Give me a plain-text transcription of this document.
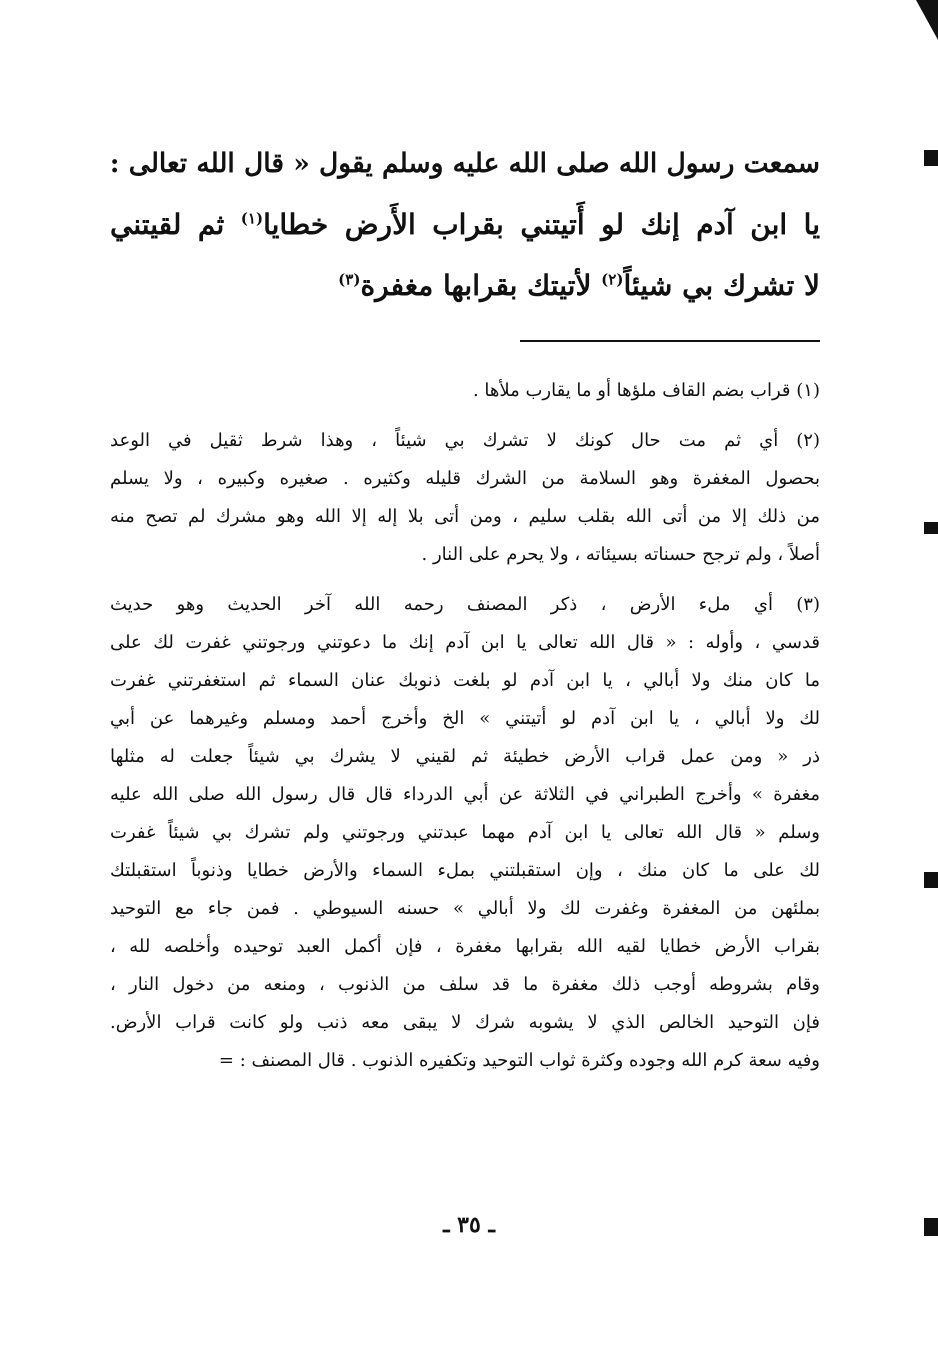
سمعت رسول الله صلى الله عليه وسلم يقول « قال الله تعالى :
يا ابن آدم إنك لو أَتيتني بقراب الأَرض خطايا$^{(١)}$ ثم لقيتني
لا تشرك بي شيئاً$^{(٢)}$ لأتيتك بقرابها مغفرة$^{(٣)}$
(١) قراب بضم القاف ملؤها أو ما يقارب ملأها .
(٢) أي ثم مت حال كونك لا تشرك بي شيئاً ، وهذا شرط ثقيل في الوعد
بحصول المغفرة وهو السلامة من الشرك قليله وكثيره . صغيره وكبيره ، ولا يسلم
من ذلك إلا من أتى الله بقلب سليم ، ومن أتى بلا إله إلا الله وهو مشرك لم تصح منه
أصلاً ، ولم ترجح حسناته بسيئاته ، ولا يحرم على النار .
(٣) أي ملء الأرض ، ذكر المصنف رحمه الله آخر الحديث وهو حديث
قدسي ، وأوله : « قال الله تعالى يا ابن آدم إنك ما دعوتني ورجوتني غفرت لك على
ما كان منك ولا أبالي ، يا ابن آدم لو بلغت ذنوبك عنان السماء ثم استغفرتني غفرت
لك ولا أبالي ، يا ابن آدم لو أتيتني » الخ وأخرج أحمد ومسلم وغيرهما عن أبي
ذر « ومن عمل قراب الأرض خطيئة ثم لقيني لا يشرك بي شيئاً جعلت له مثلها
مغفرة » وأخرج الطبراني في الثلاثة عن أبي الدرداء قال قال رسول الله صلى الله عليه
وسلم « قال الله تعالى يا ابن آدم مهما عبدتني ورجوتني ولم تشرك بي شيئاً غفرت
لك على ما كان منك ، وإن استقبلتني بملء السماء والأرض خطايا وذنوباً استقبلتك
بملئهن من المغفرة وغفرت لك ولا أبالي » حسنه السيوطي . فمن جاء مع التوحيد
بقراب الأرض خطايا لقيه الله بقرابها مغفرة ، فإن أكمل العبد توحيده وأخلصه لله ،
وقام بشروطه أوجب ذلك مغفرة ما قد سلف من الذنوب ، ومنعه من دخول النار ،
فإن التوحيد الخالص الذي لا يشوبه شرك لا يبقى معه ذنب ولو كانت قراب الأرض.
وفيه سعة كرم الله وجوده وكثرة ثواب التوحيد وتكفيره الذنوب . قال المصنف : =
ـ ٣٥ ـ
